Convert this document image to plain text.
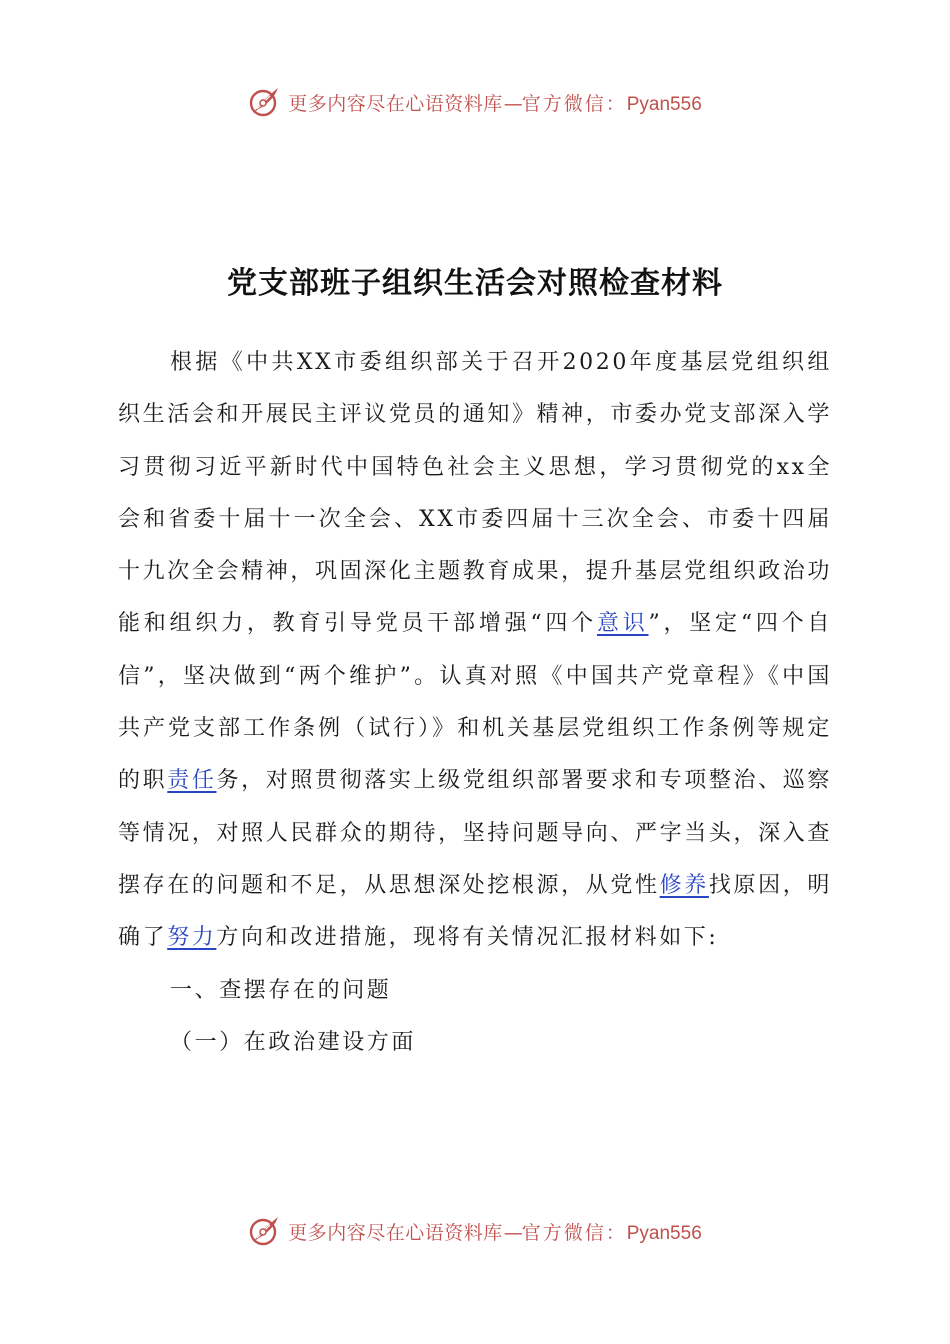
更多内容尽在心语资料库—官方微信：Pyan556
党支部班子组织生活会对照检查材料

根据《中共XX市委组织部关于召开2020年度基层党组织组织生活会和开展民主评议党员的通知》精神，市委办党支部深入学习贯彻习近平新时代中国特色社会主义思想，学习贯彻党的xx全会和省委十届十一次全会、XX市委四届十三次全会、市委十四届十九次全会精神，巩固深化主题教育成果，提升基层党组织政治功能和组织力，教育引导党员干部增强“四个意识”，坚定“四个自信”，坚决做到“两个维护”。认真对照《中国共产党章程》《中国共产党支部工作条例（试行）》和机关基层党组织工作条例等规定的职责任务，对照贯彻落实上级党组织部署要求和专项整治、巡察等情况，对照人民群众的期待，坚持问题导向、严字当头，深入查摆存在的问题和不足，从思想深处挖根源，从党性修养找原因，明确了努力方向和改进措施，现将有关情况汇报材料如下:

一、查摆存在的问题

（一）在政治建设方面

更多内容尽在心语资料库—官方微信：Pyan556
